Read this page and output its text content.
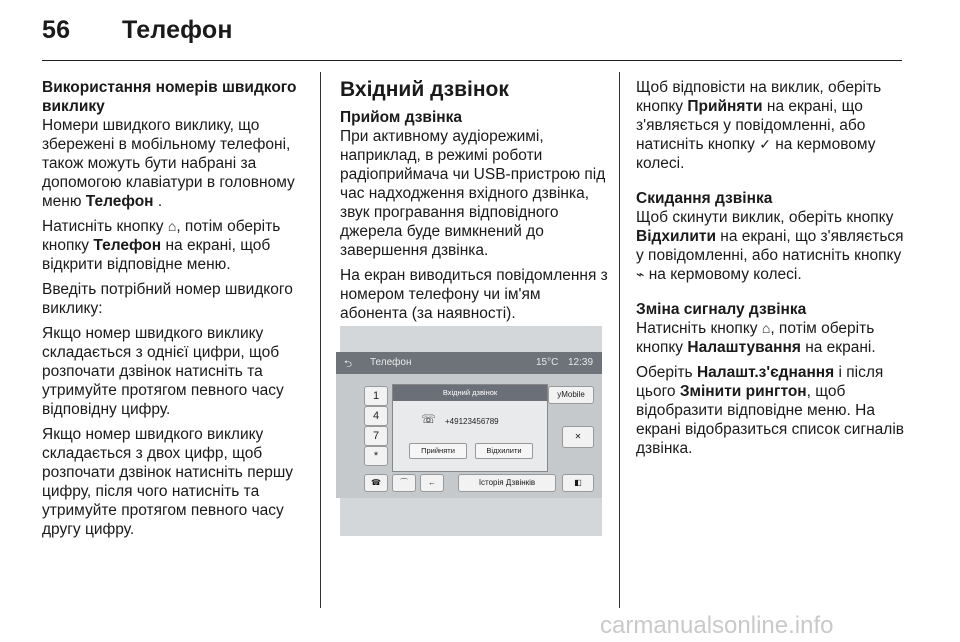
56 Телефон
Використання номерів швидкого виклику

Номери швидкого виклику, що збережені в мобільному телефоні, також можуть бути набрані за допомогою клавіатури в головному меню Телефон .

Натисніть кнопку ⌂, потім оберіть кнопку Телефон на екрані, щоб відкрити відповідне меню.

Введіть потрібний номер швидкого виклику:

Якщо номер швидкого виклику складається з однієї цифри, щоб розпочати дзвінок натисніть та утримуйте протягом певного часу відповідну цифру.

Якщо номер швидкого виклику складається з двох цифр, щоб розпочати дзвінок натисніть першу цифру, після чого натисніть та утримуйте протягом певного часу другу цифру.

Вхідний дзвінок
Прийом дзвінка

При активному аудіорежимі, наприклад, в режимі роботи радіоприймача чи USB-пристрою під час надходження вхідного дзвінка, звук програвання відповідного джерела буде вимкнений до завершення дзвінка.

На екран виводиться повідомлення з номером телефону чи ім'ям абонента (за наявності).

⮌ Телефон	15°C 12:39
1
4
7
*
Вхідний дзвінок
☏ +49123456789
Прийняти	Відхилити
yMobile
✕
☎	⌒	←	Історія Дзвінків	◧

Щоб відповісти на виклик, оберіть кнопку Прийняти на екрані, що з'являється у повідомленні, або натисніть кнопку ✓ на кермовому колесі.

Скидання дзвінка

Щоб скинути виклик, оберіть кнопку Відхилити на екрані, що з'являється у повідомленні, або натисніть кнопку ⌁ на кермовому колесі.

Зміна сигналу дзвінка

Натисніть кнопку ⌂, потім оберіть кнопку Налаштування на екрані.

Оберіть Налашт.з'єднання і після цього Змінити рингтон, щоб відобразити відповідне меню. На екрані відобразиться список сигналів дзвінка.

carmanualsonline.info
